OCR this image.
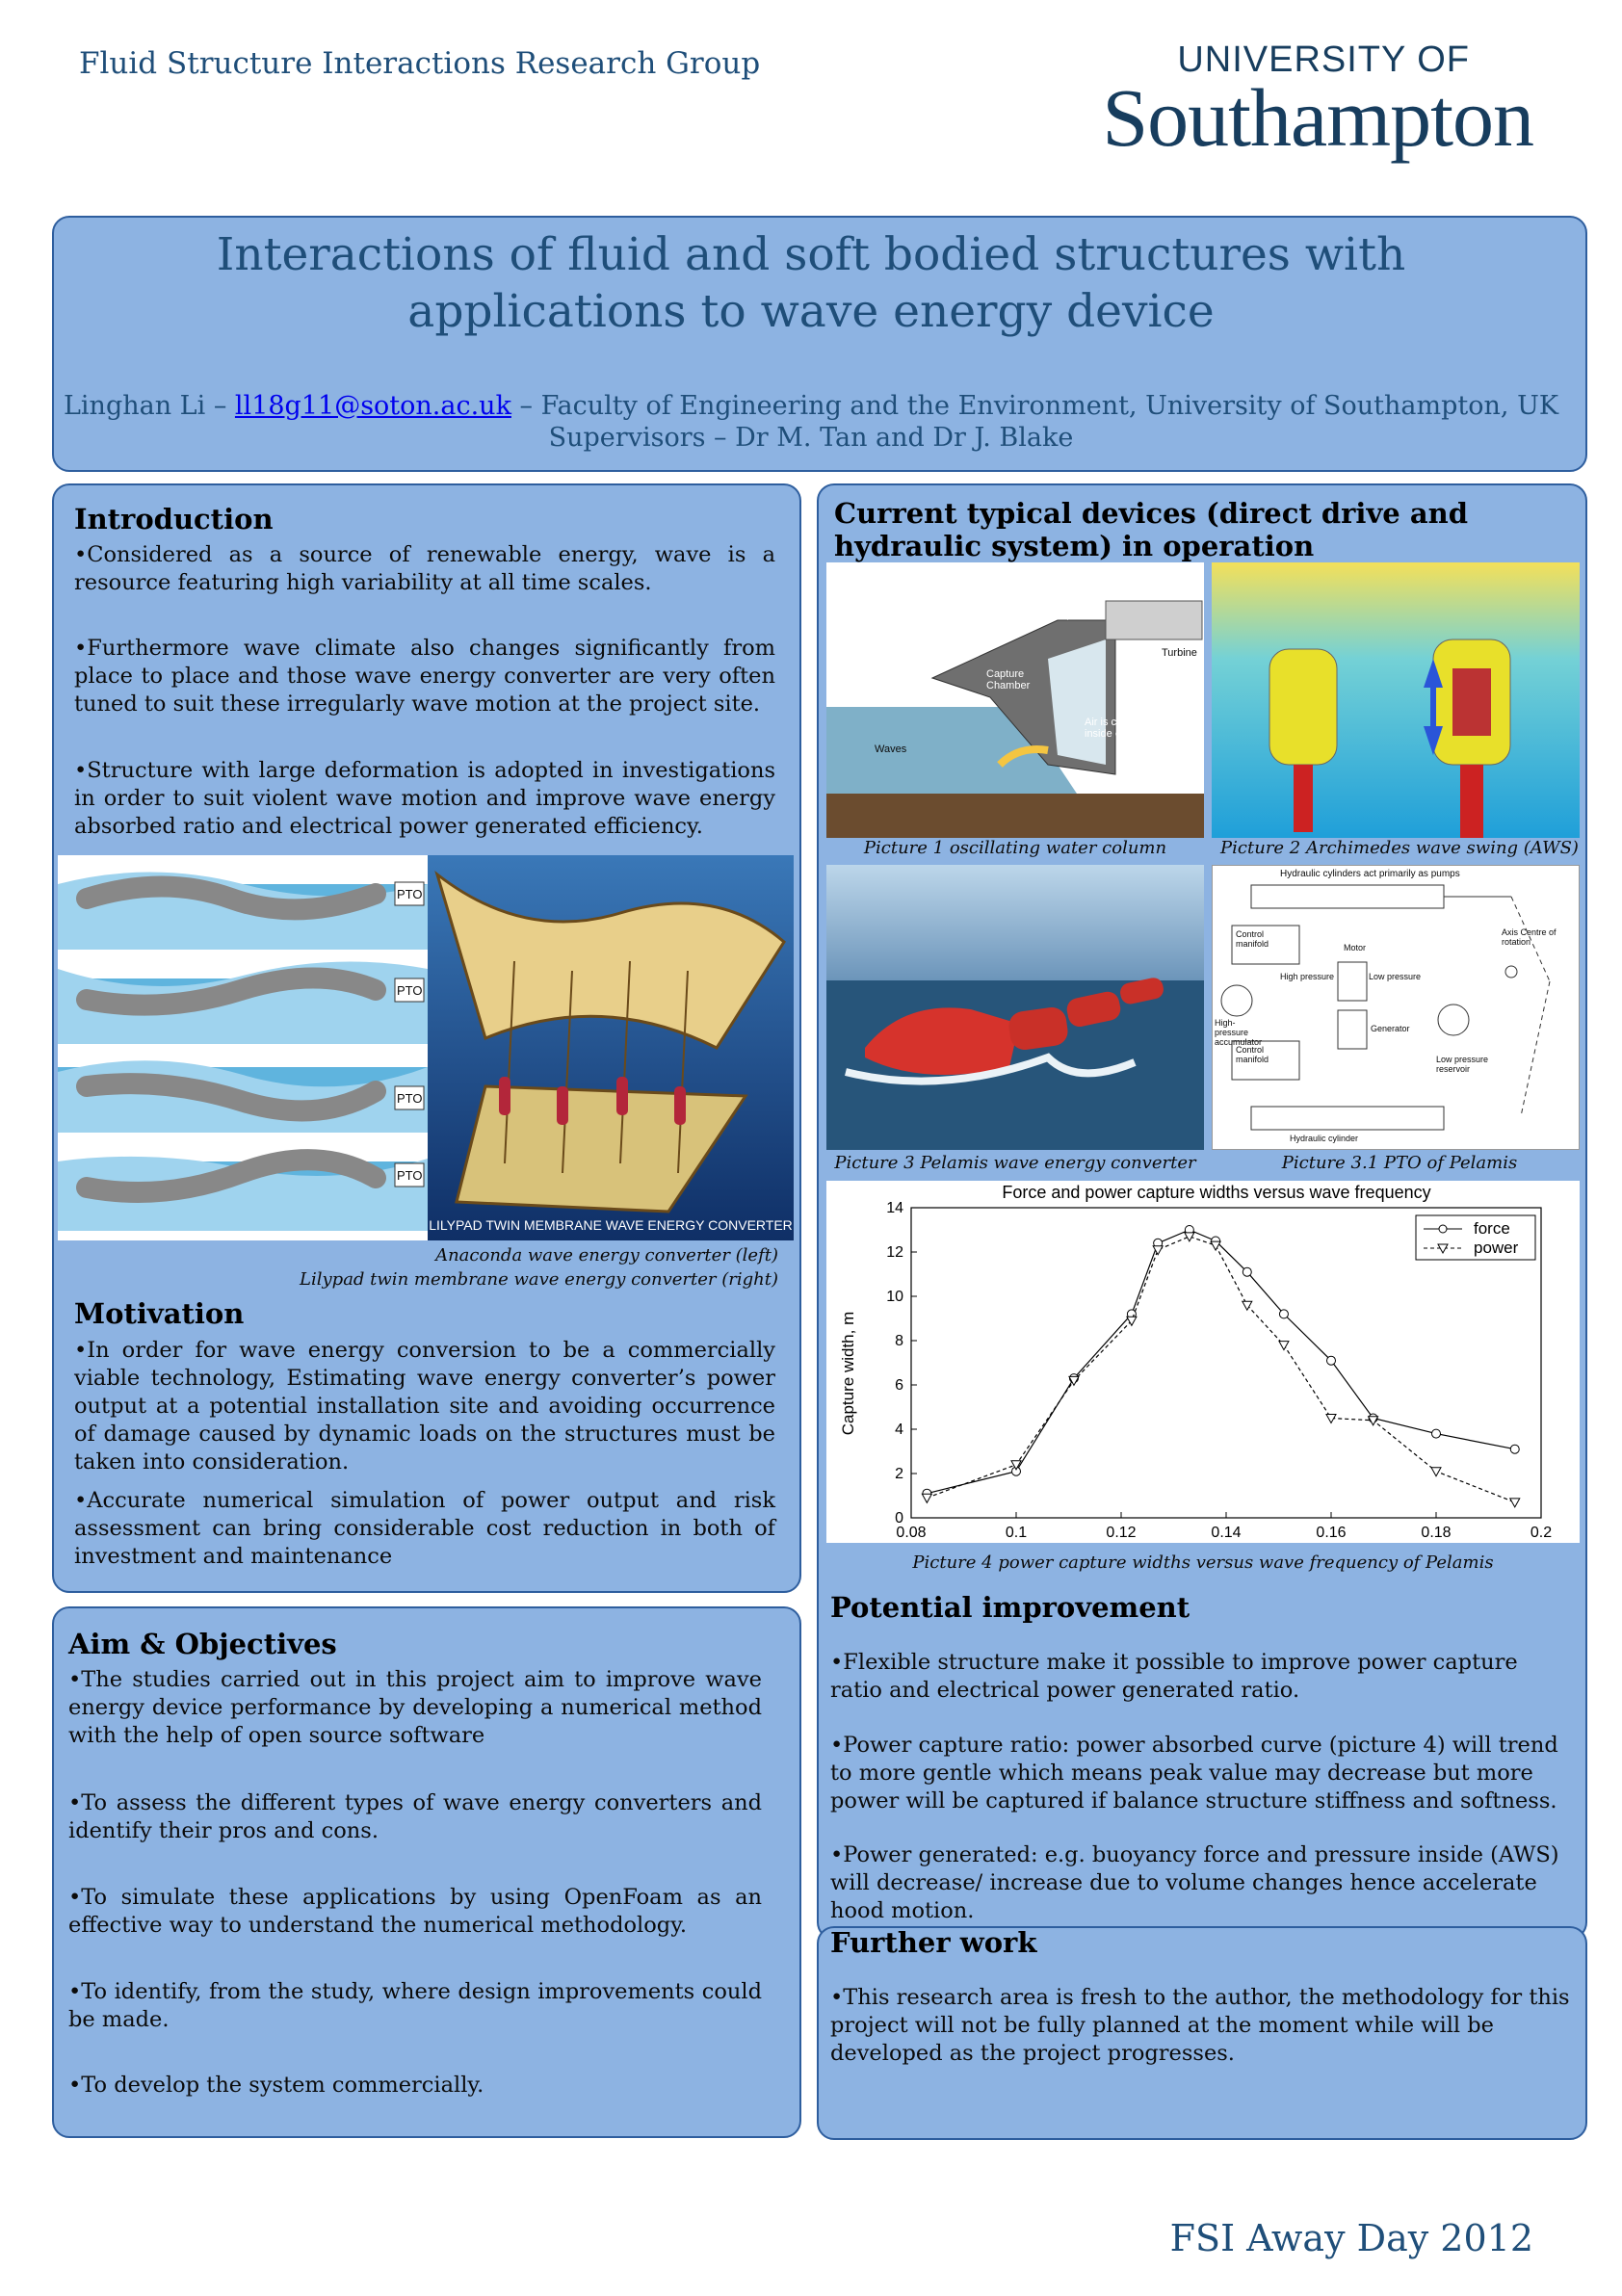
Fluid Structure Interactions Research Group	UNIVERSITY OF
Southampton
Interactions of fluid and soft bodied structures with applications to wave energy device
Linghan Li – ll18g11@soton.ac.uk – Faculty of Engineering and the Environment, University of Southampton, UK
Supervisors – Dr M. Tan and Dr J. Blake
Introduction

•Considered as a source of renewable energy, wave is a resource featuring high variability at all time scales.

•Furthermore wave climate also changes significantly from place to place and those wave energy converter are very often tuned to suit these irregularly wave motion at the project site.

•Structure with large deformation is adopted in investigations in order to suit violent wave motion and improve wave energy absorbed ratio and electrical power generated efficiency.

PTO
PTO
PTO
PTO
LILYPAD TWIN MEMBRANE WAVE ENERGY CONVERTER
Anaconda wave energy converter (left)
Lilypad twin membrane wave energy converter (right)
Motivation

•In order for wave energy conversion to be a commercially viable technology, Estimating wave energy converter’s power output at a potential installation site and avoiding occurrence of damage caused by dynamic loads on the structures must be taken into consideration.

•Accurate numerical simulation of power output and risk assessment can bring considerable cost reduction in both of investment and maintenance

Aim & Objectives

•The studies carried out in this project aim to improve wave energy device performance by developing a numerical method with the help of open source software

•To assess the different types of wave energy converters and identify their pros and cons.

•To simulate these applications by using OpenFoam as an effective way to understand the numerical methodology.

•To identify, from the study, where design improvements could be made.

•To develop the system commercially.

Current typical devices (direct drive and hydraulic system) in operation
Turbine
Capture Chamber
Air is compressed inside chamber
Waves
Picture 1 oscillating water column	Picture 2 Archimedes wave swing (AWS)
Hydraulic cylinders act primarily as pumps
Control manifold	Motor
High pressure	Low pressure
Generator
Axis Centre of rotation
High-pressure accumulator
Control manifold	Low pressure reservoir
Hydraulic cylinder
Picture 3 Pelamis wave energy converter	Picture 3.1 PTO of Pelamis
Force and power capture widths versus wave frequency
Capture width, m
0.08	0.1	0.12	0.14	0.16	0.18	0.2
0
2
4
6
8
10
12
14
force
power
Picture 4 power capture widths versus wave frequency of Pelamis
Potential improvement

•Flexible structure make it possible to improve power capture ratio and electrical power generated ratio.

•Power capture ratio: power absorbed curve (picture 4) will trend to more gentle which means peak value may decrease but more power will be captured if balance structure stiffness and softness.

•Power generated: e.g. buoyancy force and pressure inside (AWS) will decrease/ increase due to volume changes hence accelerate hood motion.

Further work

•This research area is fresh to the author, the methodology for this project will not be fully planned at the moment while will be developed as the project progresses.

FSI Away Day 2012
